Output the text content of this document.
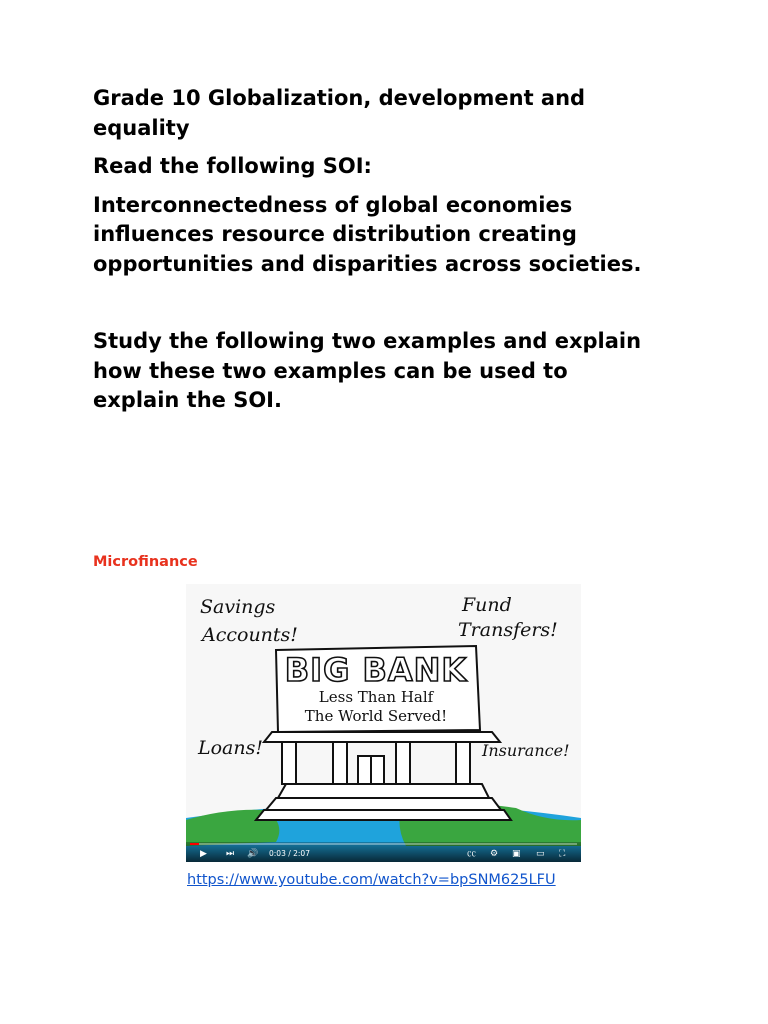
Grade 10 Globalization, development and equality

Read the following SOI:

Interconnectedness of global economies influences resource distribution creating opportunities and disparities across societies.

Study the following two examples and explain how these two examples can be used to explain the SOI.

Microfinance
BIG BANK
Less Than Half
The World Served!
Savings
Accounts!
Fund
Transfers!
Loans!	Insurance!
▶ ⏭ 🔊 0:03 / 2:07	㏄ ⚙ ▣ ▭ ⛶
https://www.youtube.com/watch?v=bpSNM625LFU
